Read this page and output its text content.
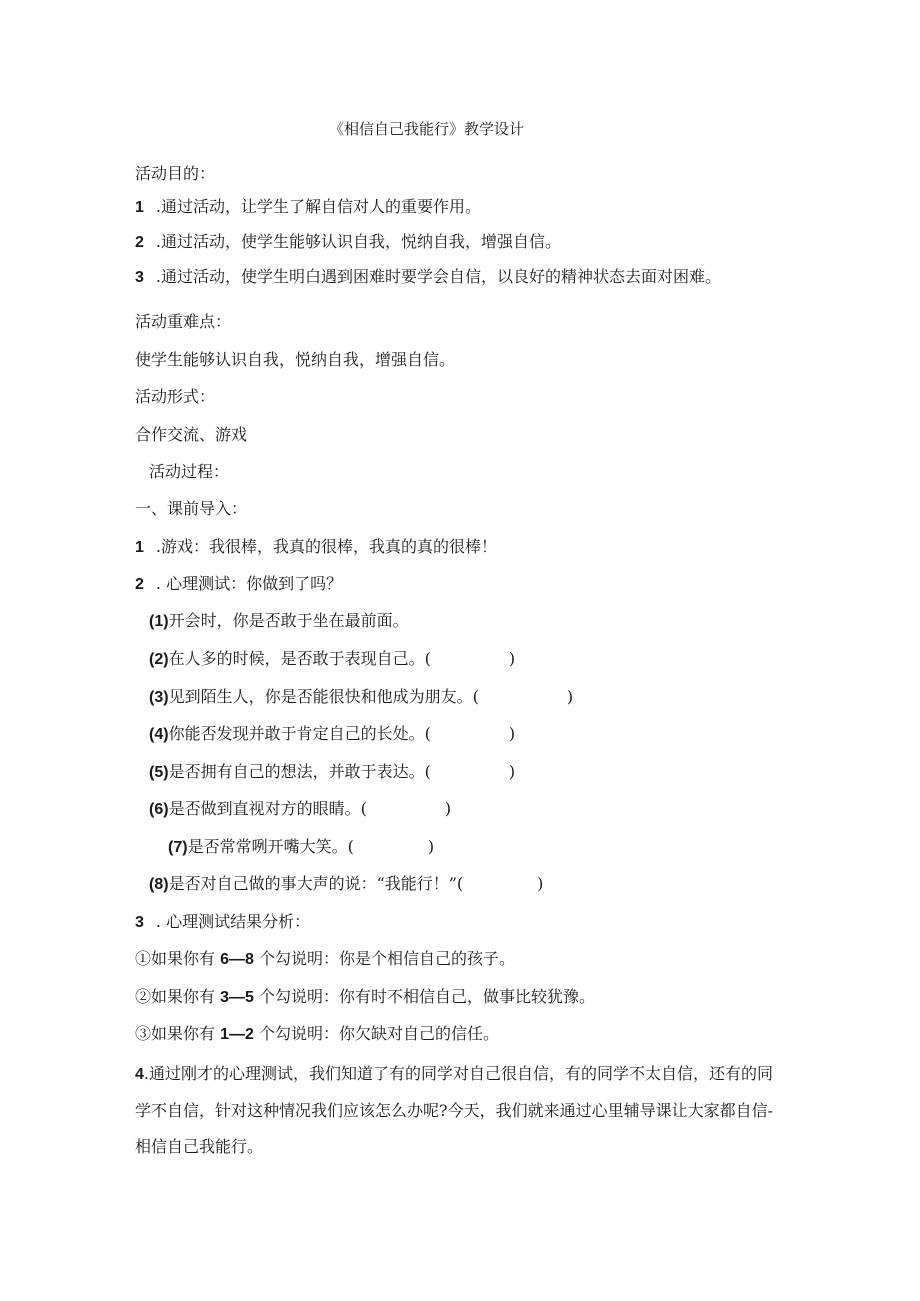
《相信自己我能行》教学设计
活动目的：
1 .通过活动，让学生了解自信对人的重要作用。
2 .通过活动，使学生能够认识自我，悦纳自我，增强自信。
3 .通过活动，使学生明白遇到困难时要学会自信，以良好的精神状态去面对困难。
活动重难点：
使学生能够认识自我，悦纳自我，增强自信。
活动形式：
合作交流、游戏
活动过程：
一、课前导入：
1 .游戏：我很棒，我真的很棒，我真的真的很棒！
2 . 心理测试：你做到了吗？
(1)开会时，你是否敢于坐在最前面。
(2)在人多的时候，是否敢于表现自己。(	)
(3)见到陌生人，你是否能很快和他成为朋友。(	)
(4)你能否发现并敢于肯定自己的长处。(	)
(5)是否拥有自己的想法，并敢于表达。(	)
(6)是否做到直视对方的眼睛。(	)
(7)是否常常咧开嘴大笑。(	)
(8)是否对自己做的事大声的说：“我能行！”(	)
3 . 心理测试结果分析：
①如果你有 6—8 个勾说明：你是个相信自己的孩子。
②如果你有 3—5 个勾说明：你有时不相信自己，做事比较犹豫。
③如果你有 1—2 个勾说明：你欠缺对自己的信任。
4.通过刚才的心理测试，我们知道了有的同学对自己很自信，有的同学不太自信，还有的同学不自信，针对这种情况我们应该怎么办呢?今天，我们就来通过心里辅导课让大家都自信-相信自己我能行。
